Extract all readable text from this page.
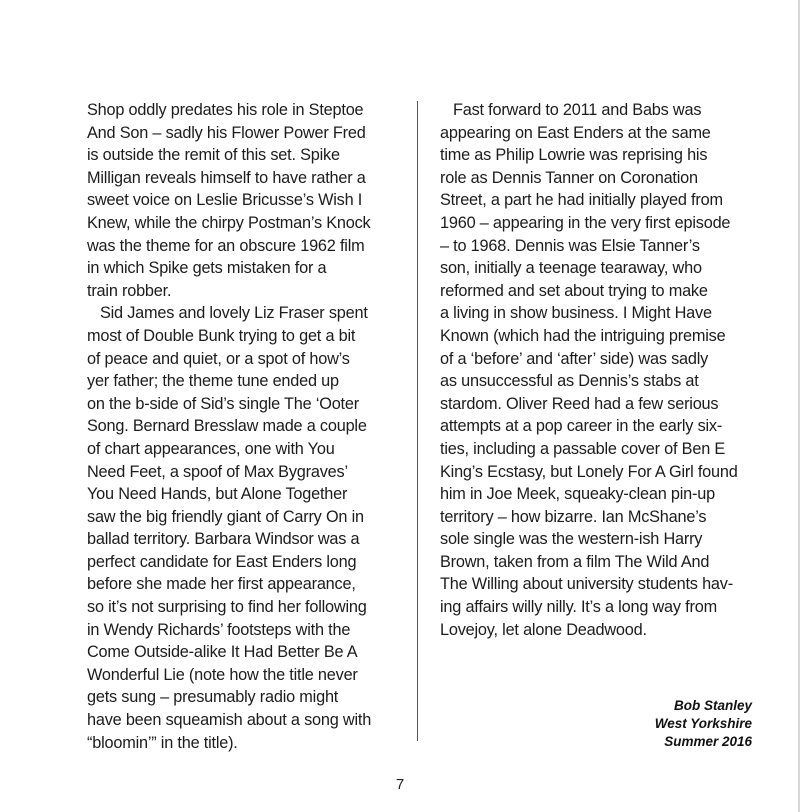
Shop oddly predates his role in Steptoe
And Son – sadly his Flower Power Fred
is outside the remit of this set. Spike
Milligan reveals himself to have rather a
sweet voice on Leslie Bricusse’s Wish I
Knew, while the chirpy Postman’s Knock
was the theme for an obscure 1962 film
in which Spike gets mistaken for a
train robber.
Sid James and lovely Liz Fraser spent
most of Double Bunk trying to get a bit
of peace and quiet, or a spot of how’s
yer father; the theme tune ended up
on the b-side of Sid’s single The ‘Ooter
Song. Bernard Bresslaw made a couple
of chart appearances, one with You
Need Feet, a spoof of Max Bygraves’
You Need Hands, but Alone Together
saw the big friendly giant of Carry On in
ballad territory. Barbara Windsor was a
perfect candidate for East Enders long
before she made her first appearance,
so it’s not surprising to find her following
in Wendy Richards’ footsteps with the
Come Outside-alike It Had Better Be A
Wonderful Lie (note how the title never
gets sung – presumably radio might
have been squeamish about a song with
“bloomin’” in the title).
Fast forward to 2011 and Babs was
appearing on East Enders at the same
time as Philip Lowrie was reprising his
role as Dennis Tanner on Coronation
Street, a part he had initially played from
1960 – appearing in the very first episode
– to 1968. Dennis was Elsie Tanner’s
son, initially a teenage tearaway, who
reformed and set about trying to make
a living in show business. I Might Have
Known (which had the intriguing premise
of a ‘before’ and ‘after’ side) was sadly
as unsuccessful as Dennis’s stabs at
stardom. Oliver Reed had a few serious
attempts at a pop career in the early six-
ties, including a passable cover of Ben E
King’s Ecstasy, but Lonely For A Girl found
him in Joe Meek, squeaky-clean pin-up
territory – how bizarre. Ian McShane’s
sole single was the western-ish Harry
Brown, taken from a film The Wild And
The Willing about university students hav-
ing affairs willy nilly. It’s a long way from
Lovejoy, let alone Deadwood.
Bob Stanley
West Yorkshire
Summer 2016
7
